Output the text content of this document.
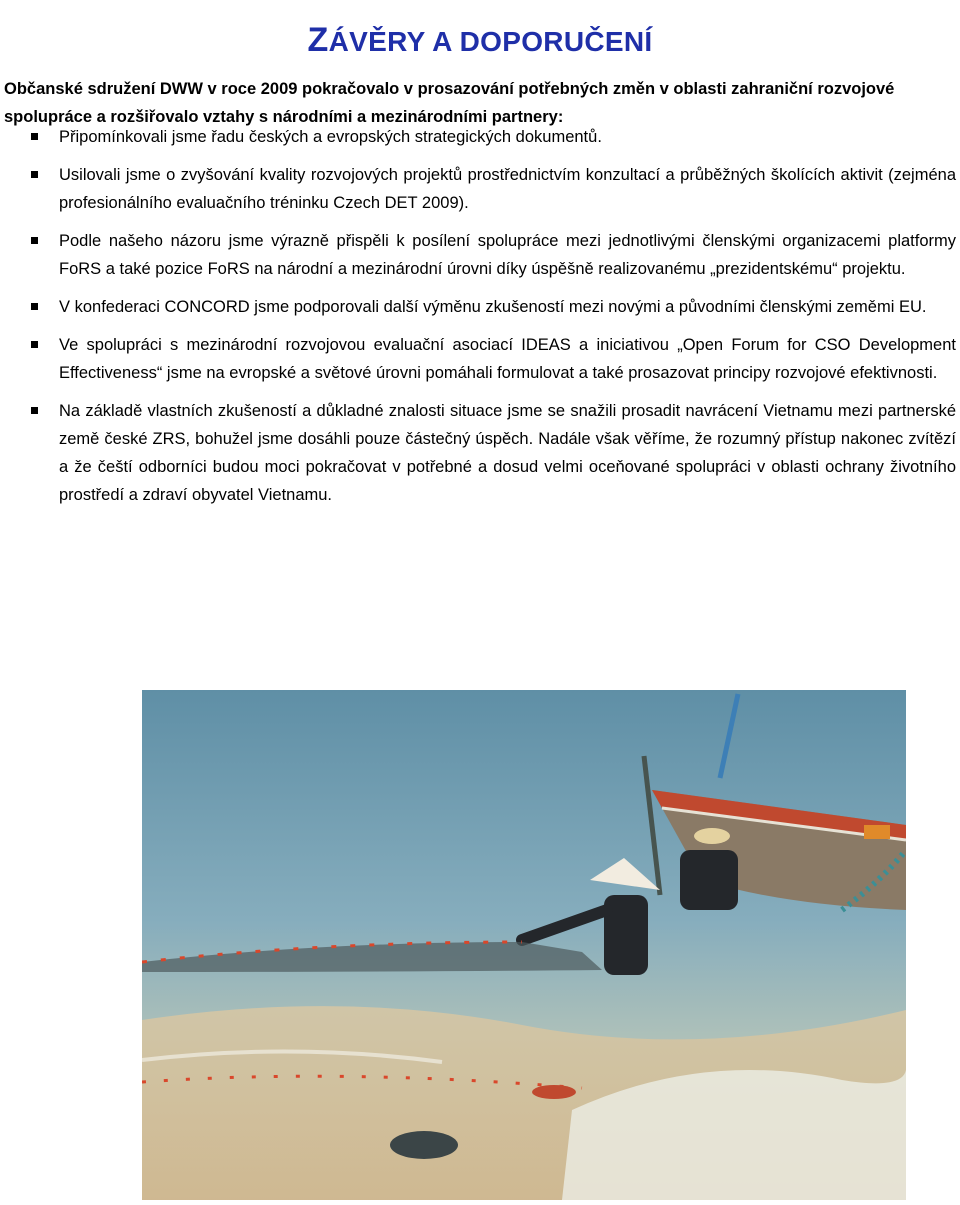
ZÁVĚRY A DOPORUČENÍ

Občanské sdružení DWW v roce 2009 pokračovalo v prosazování potřebných změn v oblasti zahraniční rozvojové spolupráce a rozšiřovalo vztahy s národními a mezinárodními partnery:

Připomínkovali jsme řadu českých a evropských strategických dokumentů.
Usilovali jsme o zvyšování kvality rozvojových projektů prostřednictvím konzultací a průběžných školících aktivit (zejména profesionálního evaluačního tréninku Czech DET 2009).
Podle našeho názoru jsme výrazně přispěli k posílení spolupráce mezi jednotlivými členskými organizacemi platformy FoRS a také pozice FoRS na národní a mezinárodní úrovni díky úspěšně realizovanému „prezidentskému“ projektu.
V konfederaci CONCORD jsme podporovali další výměnu zkušeností mezi novými a původními členskými zeměmi EU.
Ve spolupráci s mezinárodní rozvojovou evaluační asociací IDEAS a iniciativou „Open Forum for CSO Development Effectiveness“ jsme na evropské a světové úrovni pomáhali formulovat a také prosazovat principy rozvojové efektivnosti.
Na základě vlastních zkušeností a důkladné znalosti situace jsme se snažili prosadit navrácení Vietnamu mezi partnerské země české ZRS, bohužel jsme dosáhli pouze částečný úspěch. Nadále však věříme, že rozumný přístup nakonec zvítězí a že čeští odborníci budou moci pokračovat v potřebné a dosud velmi oceňované spolupráci v oblasti ochrany životního prostředí a zdraví obyvatel Vietnamu.
